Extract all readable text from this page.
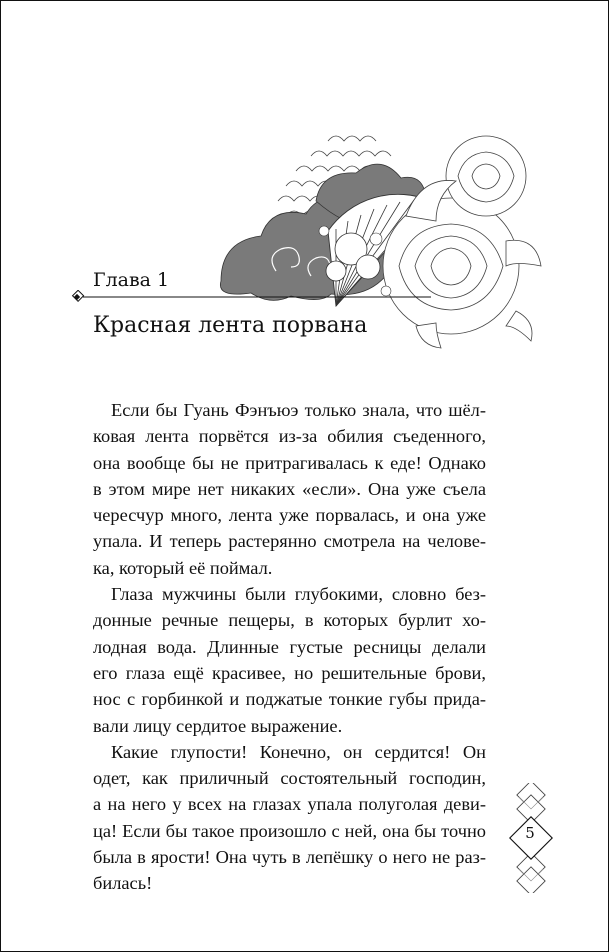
Глава 1
Красная лента порвана
Если бы Гуань Фэнъюэ только знала, что шёл-
ковая лента порвётся из-за обилия съеденного,
она вообще бы не притрагивалась к еде! Однако
в этом мире нет никаких «если». Она уже съела
чересчур много, лента уже порвалась, и она уже
упала. И теперь растерянно смотрела на челове-
ка, который её поймал.
Глаза мужчины были глубокими, словно без-
донные речные пещеры, в которых бурлит хо-
лодная вода. Длинные густые ресницы делали
его глаза ещё красивее, но решительные брови,
нос с горбинкой и поджатые тонкие губы прида-
вали лицу сердитое выражение.
Какие глупости! Конечно, он сердится! Он
одет, как приличный состоятельный господин,
а на него у всех на глазах упала полуголая деви-
ца! Если бы такое произошло с ней, она бы точно
была в ярости! Она чуть в лепёшку о него не раз-
билась!
5
